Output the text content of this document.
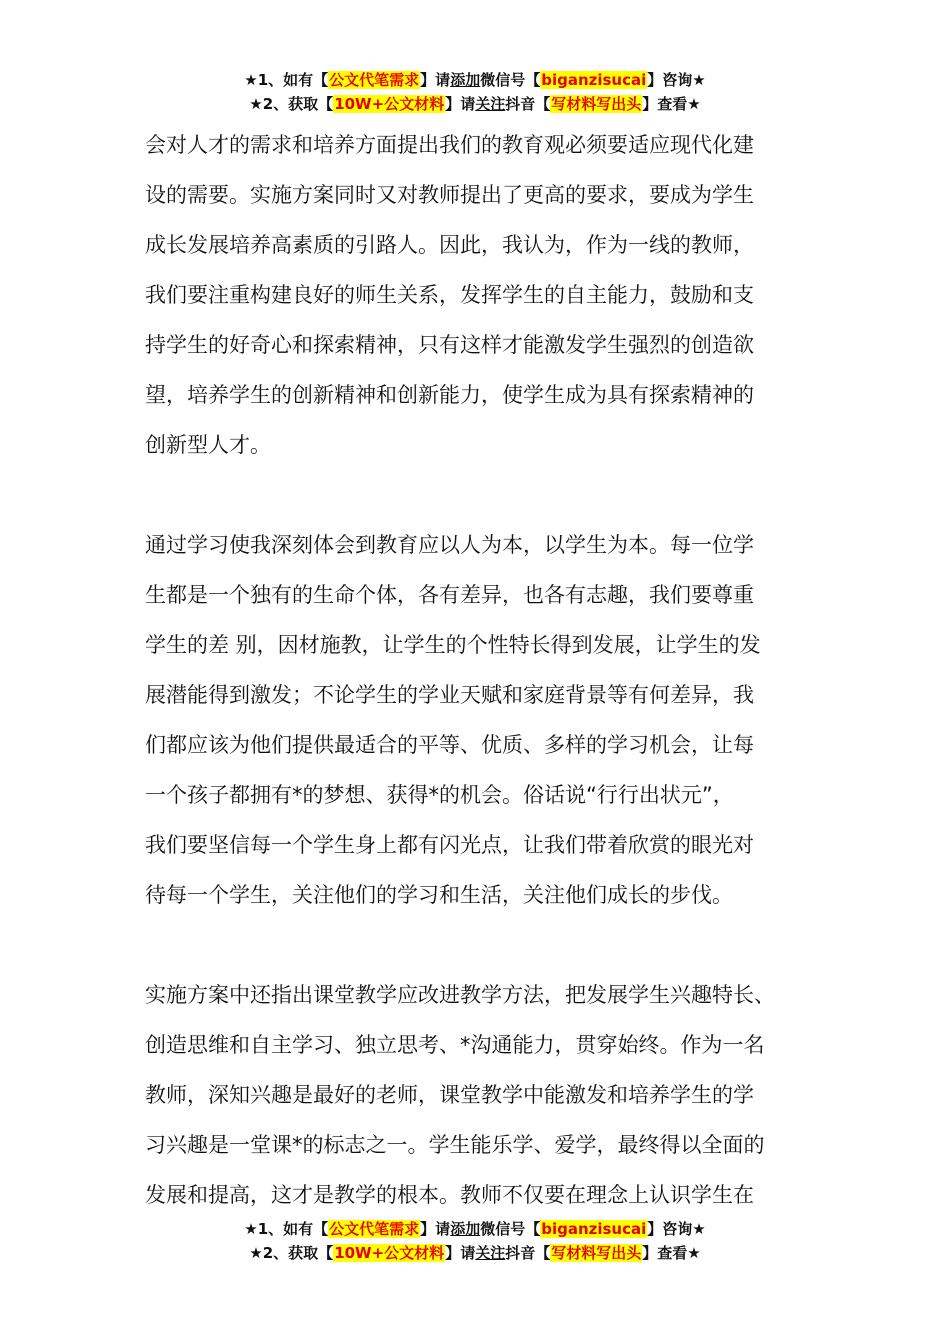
★1、如有【公文代笔需求】请添加微信号【biganzisucai】咨询★
★2、获取【10W+公文材料】请关注抖音【写材料写出头】查看★

会对人才的需求和培养方面提出我们的教育观必须要适应现代化建
设的需要。实施方案同时又对教师提出了更高的要求，要成为学生
成长发展培养高素质的引路人。因此，我认为，作为一线的教师，
我们要注重构建良好的师生关系，发挥学生的自主能力，鼓励和支
持学生的好奇心和探索精神，只有这样才能激发学生强烈的创造欲
望，培养学生的创新精神和创新能力，使学生成为具有探索精神的
创新型人才。

通过学习使我深刻体会到教育应以人为本，以学生为本。每一位学
生都是一个独有的生命个体，各有差异，也各有志趣，我们要尊重
学生的差 别，因材施教，让学生的个性特长得到发展，让学生的发
展潜能得到激发；不论学生的学业天赋和家庭背景等有何差异，我
们都应该为他们提供最适合的平等、优质、多样的学习机会，让每
一个孩子都拥有*的梦想、获得*的机会。俗话说“行行出状元”，
我们要坚信每一个学生身上都有闪光点，让我们带着欣赏的眼光对
待每一个学生，关注他们的学习和生活，关注他们成长的步伐。

实施方案中还指出课堂教学应改进教学方法，把发展学生兴趣特长、
创造思维和自主学习、独立思考、*沟通能力，贯穿始终。作为一名
教师，深知兴趣是最好的老师，课堂教学中能激发和培养学生的学
习兴趣是一堂课*的标志之一。学生能乐学、爱学，最终得以全面的
发展和提高，这才是教学的根本。教师不仅要在理念上认识学生在

★1、如有【公文代笔需求】请添加微信号【biganzisucai】咨询★
★2、获取【10W+公文材料】请关注抖音【写材料写出头】查看★
